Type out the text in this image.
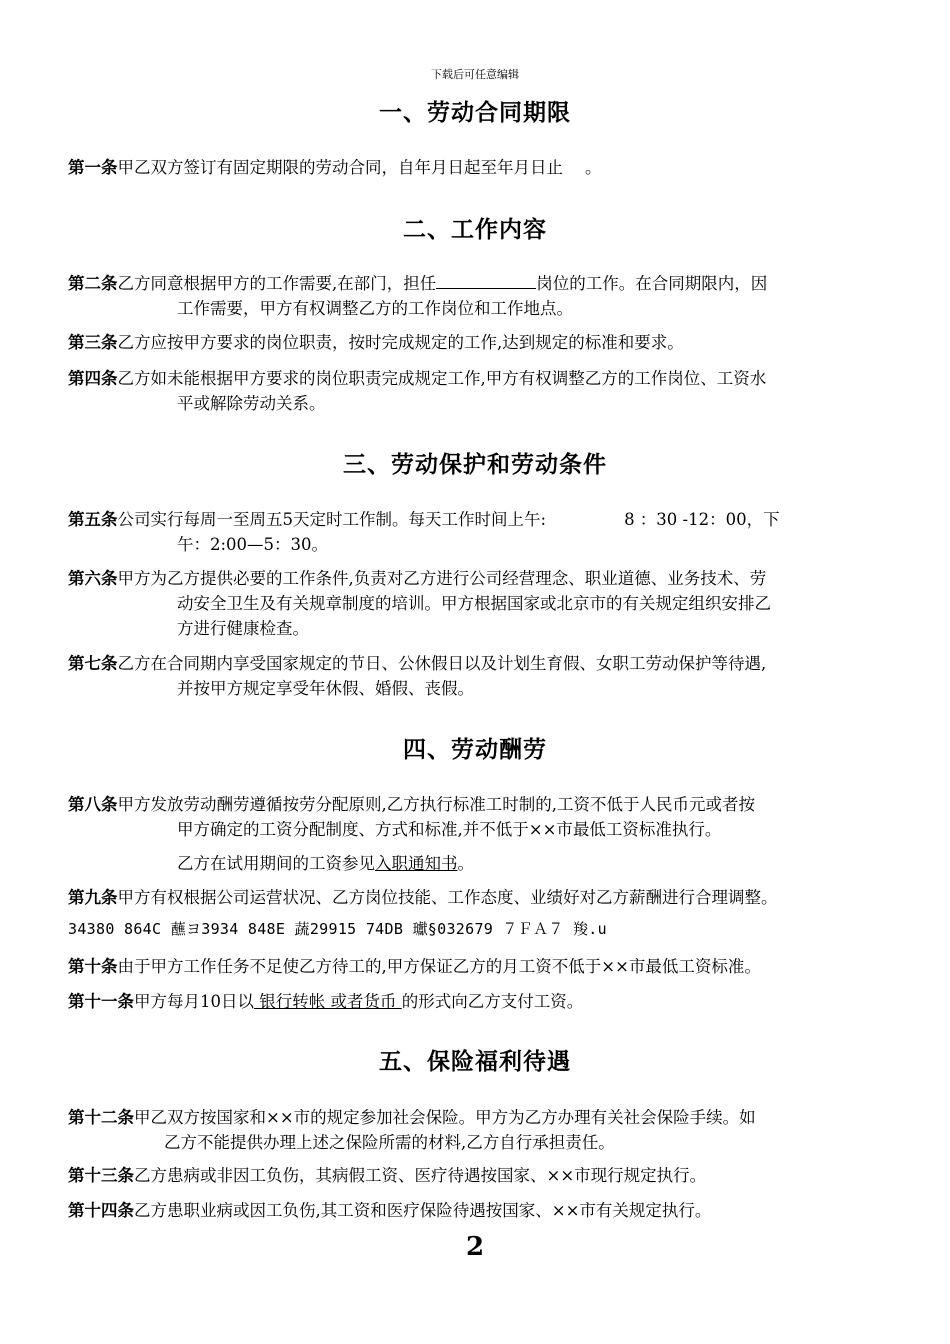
下载后可任意编辑
一、劳动合同期限
第一条甲乙双方签订有固定期限的劳动合同，自年月日起至年月日止 。
二、工作内容
第二条乙方同意根据甲方的工作需要,在部门，担任	岗位的工作。在合同期限内，因
工作需要，甲方有权调整乙方的工作岗位和工作地点。
第三条乙方应按甲方要求的岗位职责，按时完成规定的工作,达到规定的标准和要求。
第四条乙方如未能根据甲方要求的岗位职责完成规定工作,甲方有权调整乙方的工作岗位、工资水
平或解除劳动关系。
三、劳动保护和劳动条件
第五条公司实行每周一至周五5天定时工作制。每天工作时间上午:	8 ：30 -12：00，下
午：2:00—5：30。
第六条甲方为乙方提供必要的工作条件,负责对乙方进行公司经营理念、职业道德、业务技术、劳
动安全卫生及有关规章制度的培训。甲方根据国家或北京市的有关规定组织安排乙
方进行健康检查。
第七条乙方在合同期内享受国家规定的节日、公休假日以及计划生育假、女职工劳动保护等待遇,
并按甲方规定享受年休假、婚假、丧假。
四、劳动酬劳
第八条甲方发放劳动酬劳遵循按劳分配原则,乙方执行标准工时制的,工资不低于人民币元或者按
甲方确定的工资分配制度、方式和标准,并不低于××市最低工资标准执行。
乙方在试用期间的工资参见入职通知书。
第九条甲方有权根据公司运营状况、乙方岗位技能、工作态度、业绩好对乙方薪酬进行合理调整。
34380 864C 蘸ヨ3934 848E 蔬29915 74DB 瓛§032679 ７ＦＡ７ 羧.ս
第十条由于甲方工作任务不足使乙方待工的,甲方保证乙方的月工资不低于××市最低工资标准。
第十一条甲方每月10日以 银行转帐 或者货币 的形式向乙方支付工资。
五、保险福利待遇
第十二条甲乙双方按国家和××市的规定参加社会保险。甲方为乙方办理有关社会保险手续。如
乙方不能提供办理上述之保险所需的材料,乙方自行承担责任。
第十三条乙方患病或非因工负伤，其病假工资、医疗待遇按国家、××市现行规定执行。
第十四条乙方患职业病或因工负伤,其工资和医疗保险待遇按国家、××市有关规定执行。
2
